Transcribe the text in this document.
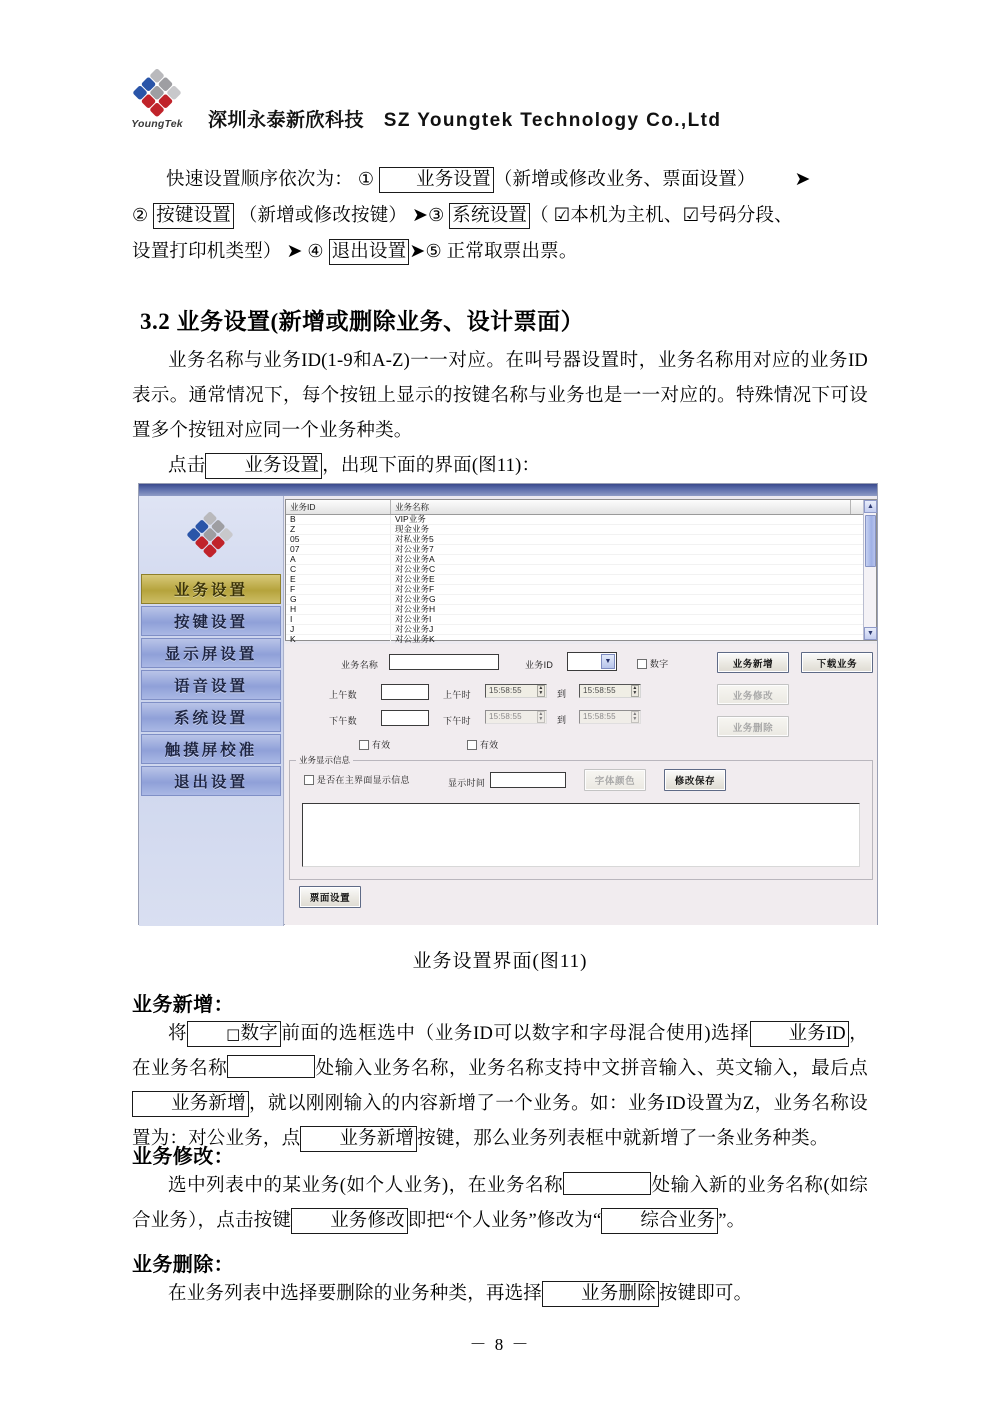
YoungTek	深圳永泰新欣科技 SZ Youngtek Technology Co.,Ltd

快速设置顺序依次为： ① 业务设置 （新增或修改业务、票面设置） ➤

② 按键设置 （新增或修改按键） ➤③ 系统设置 （ ☑本机为主机、☑号码分段、

设置打印机类型） ➤ ④ 退出设置 ➤⑤ 正常取票出票。

3.2 业务设置(新增或删除业务、设计票面）

业务名称与业务ID(1-9和A-Z)一一对应。在叫号器设置时，业务名称用对应的业务ID表示。通常情况下，每个按钮上显示的按键名称与业务也是一一对应的。特殊情况下可设置多个按钮对应同一个业务种类。

点击 业务设置 ，出现下面的界面(图11)：

业务设置
按键设置
显示屏设置
语音设置
系统设置
触摸屏校准
退出设置
业务ID	业务名称
B	VIP业务
Z	现金业务
05	对私业务5
07	对公业务7
A	对公业务A
C	对公业务C
E	对公业务E
F	对公业务F
G	对公业务G
H	对公业务H
I	对公业务I
J	对公业务J
K	对公业务K
▲
▼
业务名称	业务ID	▼	数字
上午数	上午时	15:58:55	▲
▼ 到	15:58:55	▲
▼
下午数	下午时	15:58:55	▲
▼ 到	15:58:55	▲
▼
有效	有效
业务新增	下载业务
业务修改
业务删除
业务显示信息
是否在主界面显示信息	显示时间	字体颜色	修改保存
票面设置
业务设置界面(图11)
业务新增：

将	□数字 前面的选框选中（业务ID可以数字和字母混合使用)选择 业务ID ，在业务名称	处输入业务名称，业务名称支持中文拼音输入、英文输入，最后点业务新增 ，就以刚刚输入的内容新增了一个业务。如：业务ID设置为Z，业务名称设置为：对公业务，点 业务新增 按键，那么业务列表框中就新增了一条业务种类。

业务修改：

选中列表中的某业务(如个人业务)，在业务名称	处输入新的业务名称(如综合业务），点击按键 业务修改 即把“个人业务”修改为“ 综合业务 ”。

业务删除：

在业务列表中选择要删除的业务种类，再选择 业务删除 按键即可。

－ 8 －
